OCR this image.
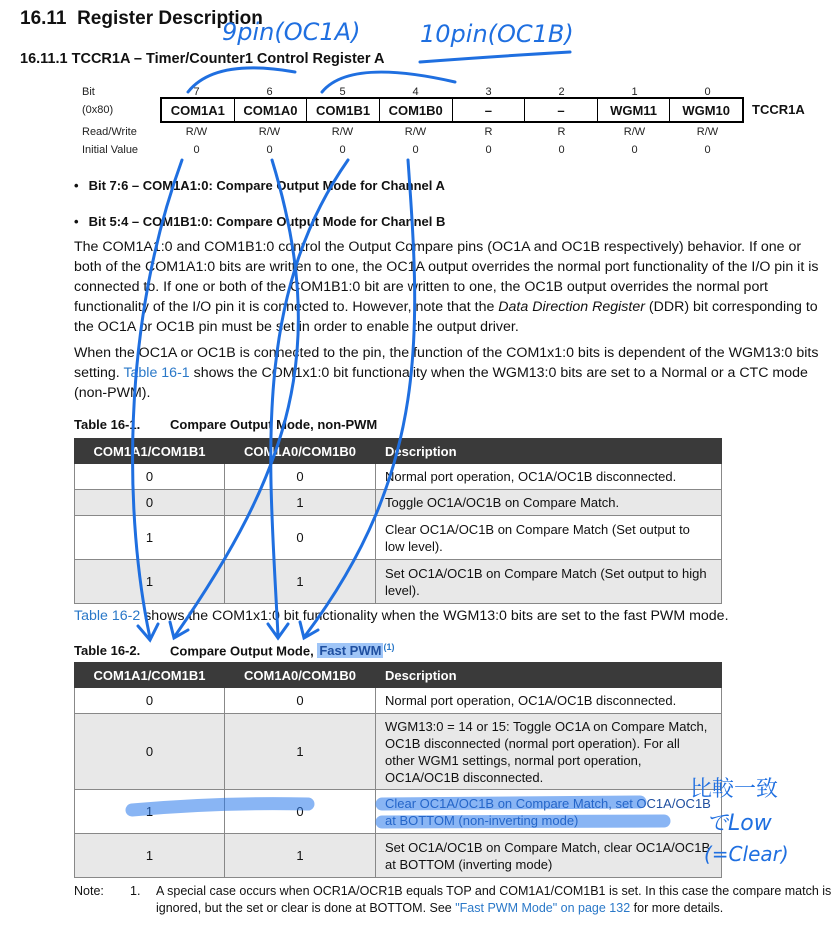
16.11 Register Description
16.11.1 TCCR1A – Timer/Counter1 Control Register A
Bit	7	6	5	4	3	2	1	0
(0x80)	COM1A1	COM1A0	COM1B1	COM1B0	–	–	WGM11	WGM10	TCCR1A
Read/Write	R/W	R/W	R/W	R/W	R	R	R/W	R/W
Initial Value	0	0	0	0	0	0	0	0
• Bit 7:6 – COM1A1:0: Compare Output Mode for Channel A
• Bit 5:4 – COM1B1:0: Compare Output Mode for Channel B

The COM1A1:0 and COM1B1:0 control the Output Compare pins (OC1A and OC1B respectively) behavior. If one or both of the COM1A1:0 bits are written to one, the OC1A output overrides the normal port functionality of the I/O pin it is connected to. If one or both of the COM1B1:0 bit are written to one, the OC1B output overrides the normal port functionality of the I/O pin it is connected to. However, note that the Data Direction Register (DDR) bit corresponding to the OC1A or OC1B pin must be set in order to enable the output driver.

When the OC1A or OC1B is connected to the pin, the function of the COM1x1:0 bits is dependent of the WGM13:0 bits setting. Table 16-1 shows the COM1x1:0 bit functionality when the WGM13:0 bits are set to a Normal or a CTC mode (non-PWM).

Table 16-1. Compare Output Mode, non-PWM
COM1A1/COM1B1	COM1A0/COM1B0	Description
0	0	Normal port operation, OC1A/OC1B disconnected.
0	1	Toggle OC1A/OC1B on Compare Match.
1	0	Clear OC1A/OC1B on Compare Match (Set output to low level).
1	1	Set OC1A/OC1B on Compare Match (Set output to high level).

Table 16-2 shows the COM1x1:0 bit functionality when the WGM13:0 bits are set to the fast PWM mode.

Table 16-2. Compare Output Mode, Fast PWM $^{(1)}$
COM1A1/COM1B1	COM1A0/COM1B0	Description
0	0	Normal port operation, OC1A/OC1B disconnected.
0	1	WGM13:0 = 14 or 15: Toggle OC1A on Compare Match, OC1B disconnected (normal port operation). For all other WGM1 settings, normal port operation, OC1A/OC1B disconnected.
1	0	Clear OC1A/OC1B on Compare Match, set OC1A/OC1B at BOTTOM (non-inverting mode)
1	1	Set OC1A/OC1B on Compare Match, clear OC1A/OC1B at BOTTOM (inverting mode)
Note:	1. A special case occurs when OCR1A/OCR1B equals TOP and COM1A1/COM1B1 is set. In this case the compare match is ignored, but the set or clear is done at BOTTOM. See "Fast PWM Mode" on page 132 for more details.
9pin(OC1A) 10pin(OC1B)
比較一致
でLow
(=Clear)
